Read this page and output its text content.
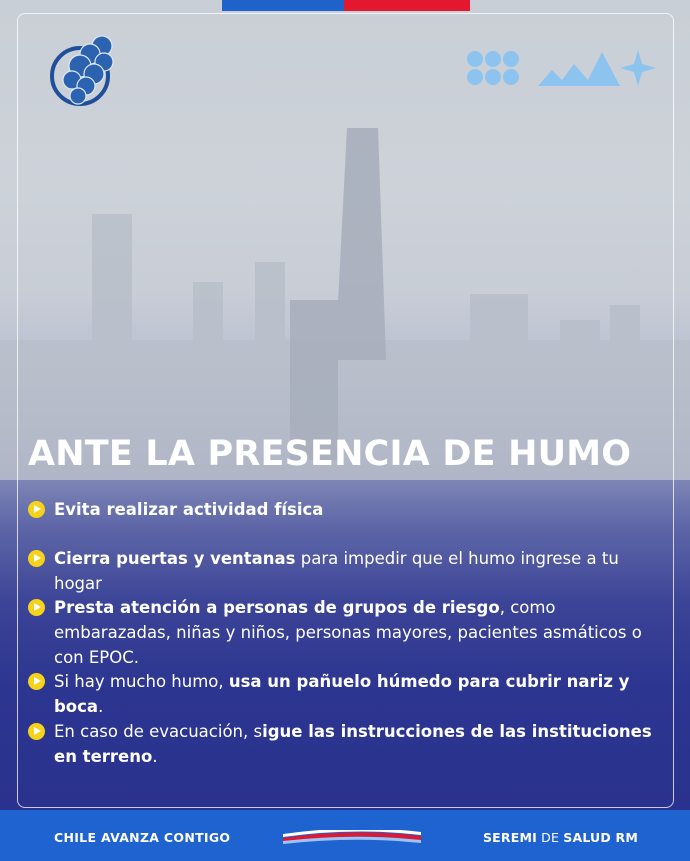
ANTE LA PRESENCIA DE HUMO
Evita realizar actividad física
Cierra puertas y ventanas para impedir que el humo ingrese a tu hogar
Presta atención a personas de grupos de riesgo, como embarazadas, niñas y niños, personas mayores, pacientes asmáticos o con EPOC.
Si hay mucho humo, usa un pañuelo húmedo para cubrir nariz y boca.
En caso de evacuación, sigue las instrucciones de las instituciones en terreno.
CHILE AVANZA CONTIGO	SEREMI DE SALUD RM
